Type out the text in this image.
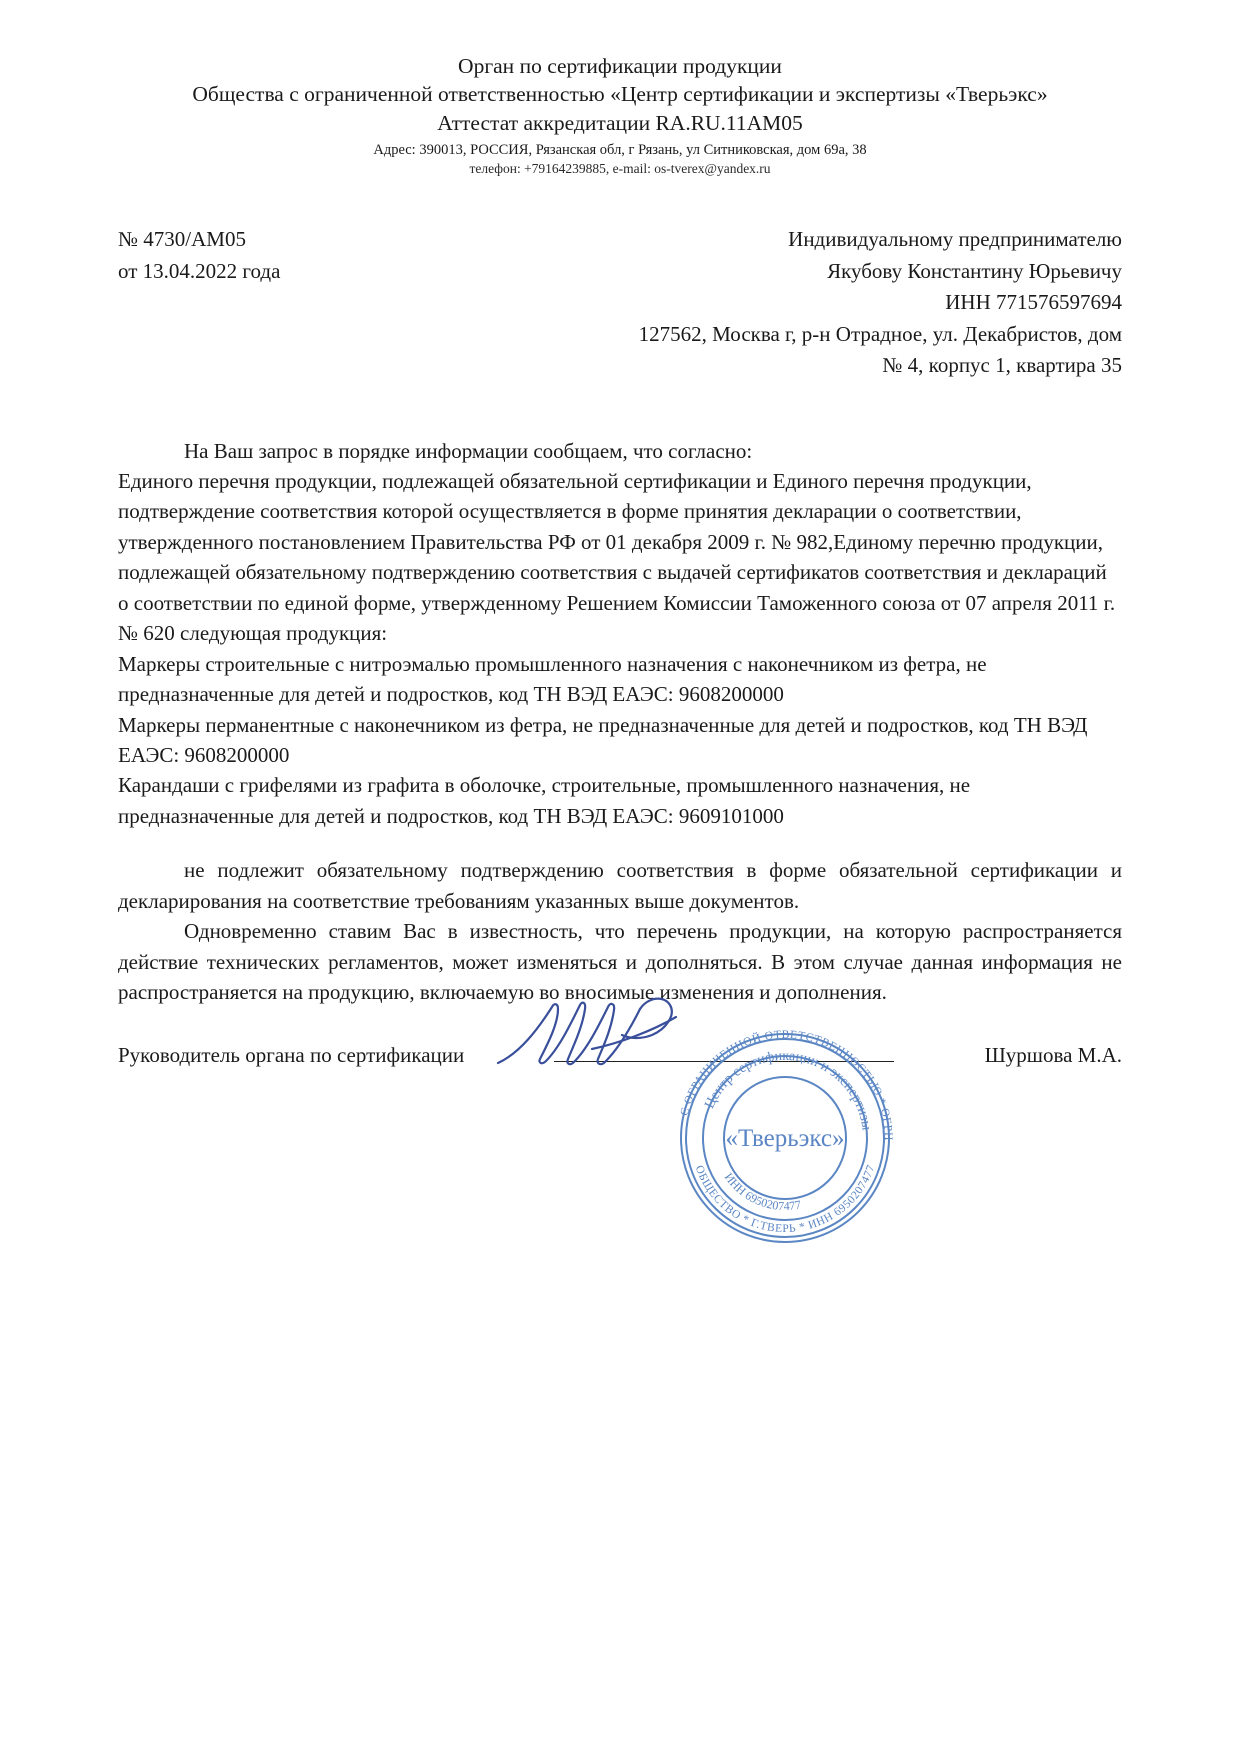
Орган по сертификации продукции
Общества с ограниченной ответственностью «Центр сертификации и экспертизы «Тверьэкс»
Аттестат аккредитации RA.RU.11AM05
Адрес: 390013, РОССИЯ, Рязанская обл, г Рязань, ул Ситниковская, дом 69а, 38
телефон: +79164239885, e-mail: os-tverex@yandex.ru
№ 4730/АМ05
от 13.04.2022 года
Индивидуальному предпринимателю
Якубову Константину Юрьевичу
ИНН 771576597694
127562, Москва г, р-н Отрадное, ул. Декабристов, дом
№ 4, корпус 1, квартира 35

На Ваш запрос в порядке информации сообщаем, что согласно:

Единого перечня продукции, подлежащей обязательной сертификации и Единого перечня продукции, подтверждение соответствия которой осуществляется в форме принятия декларации о соответствии, утвержденного постановлением Правительства РФ от 01 декабря 2009 г. № 982,Единому перечню продукции, подлежащей обязательному подтверждению соответствия с выдачей сертификатов соответствия и деклараций о соответствии по единой форме, утвержденному Решением Комиссии Таможенного союза от 07 апреля 2011 г. № 620 следующая продукция:

Маркеры строительные с нитроэмалью промышленного назначения с наконечником из фетра, не предназначенные для детей и подростков, код ТН ВЭД ЕАЭС: 9608200000

Маркеры перманентные с наконечником из фетра, не предназначенные для детей и подростков, код ТН ВЭД ЕАЭС: 9608200000

Карандаши с грифелями из графита в оболочке, строительные, промышленного назначения, не предназначенные для детей и подростков, код ТН ВЭД ЕАЭС: 9609101000

не подлежит обязательному подтверждению соответствия в форме обязательной сертификации и декларирования на соответствие требованиям указанных выше документов.

Одновременно ставим Вас в известность, что перечень продукции, на которую распространяется действие технических регламентов, может изменяться и дополняться. В этом случае данная информация не распространяется на продукцию, включаемую во вносимые изменения и дополнения.

Руководитель органа по сертификации	Шуршова М.А.
С ОГРАНИЧЕННОЙ ОТВЕТСТВЕННОСТЬЮ * ОГРН
ОБЩЕСТВО * Г.ТВЕРЬ * ИНН 6950207477
Центр сертификации и экспертизы
«Тверьэкс»
ИНН 6950207477
